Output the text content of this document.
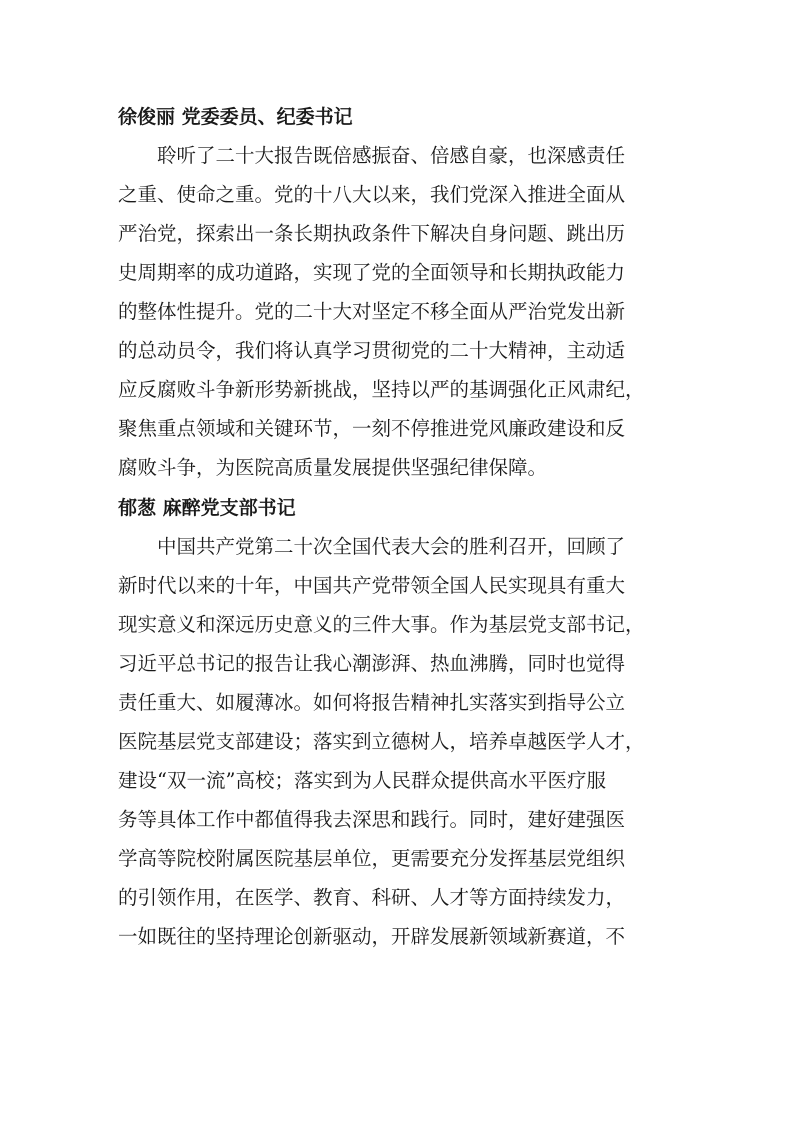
徐俊丽 党委委员、纪委书记

聆听了二十大报告既倍感振奋、倍感自豪，也深感责任
之重、使命之重。党的十八大以来，我们党深入推进全面从
严治党，探索出一条长期执政条件下解决自身问题、跳出历
史周期率的成功道路，实现了党的全面领导和长期执政能力
的整体性提升。党的二十大对坚定不移全面从严治党发出新
的总动员令，我们将认真学习贯彻党的二十大精神，主动适
应反腐败斗争新形势新挑战，坚持以严的基调强化正风肃纪，
聚焦重点领域和关键环节，一刻不停推进党风廉政建设和反
腐败斗争，为医院高质量发展提供坚强纪律保障。

郁葱 麻醉党支部书记

中国共产党第二十次全国代表大会的胜利召开，回顾了
新时代以来的十年，中国共产党带领全国人民实现具有重大
现实意义和深远历史意义的三件大事。作为基层党支部书记，
习近平总书记的报告让我心潮澎湃、热血沸腾，同时也觉得
责任重大、如履薄冰。如何将报告精神扎实落实到指导公立
医院基层党支部建设；落实到立德树人，培养卓越医学人才，
建设“双一流”高校；落实到为人民群众提供高水平医疗服
务等具体工作中都值得我去深思和践行。同时，建好建强医
学高等院校附属医院基层单位，更需要充分发挥基层党组织
的引领作用，在医学、教育、科研、人才等方面持续发力，
一如既往的坚持理论创新驱动，开辟发展新领域新赛道，不
